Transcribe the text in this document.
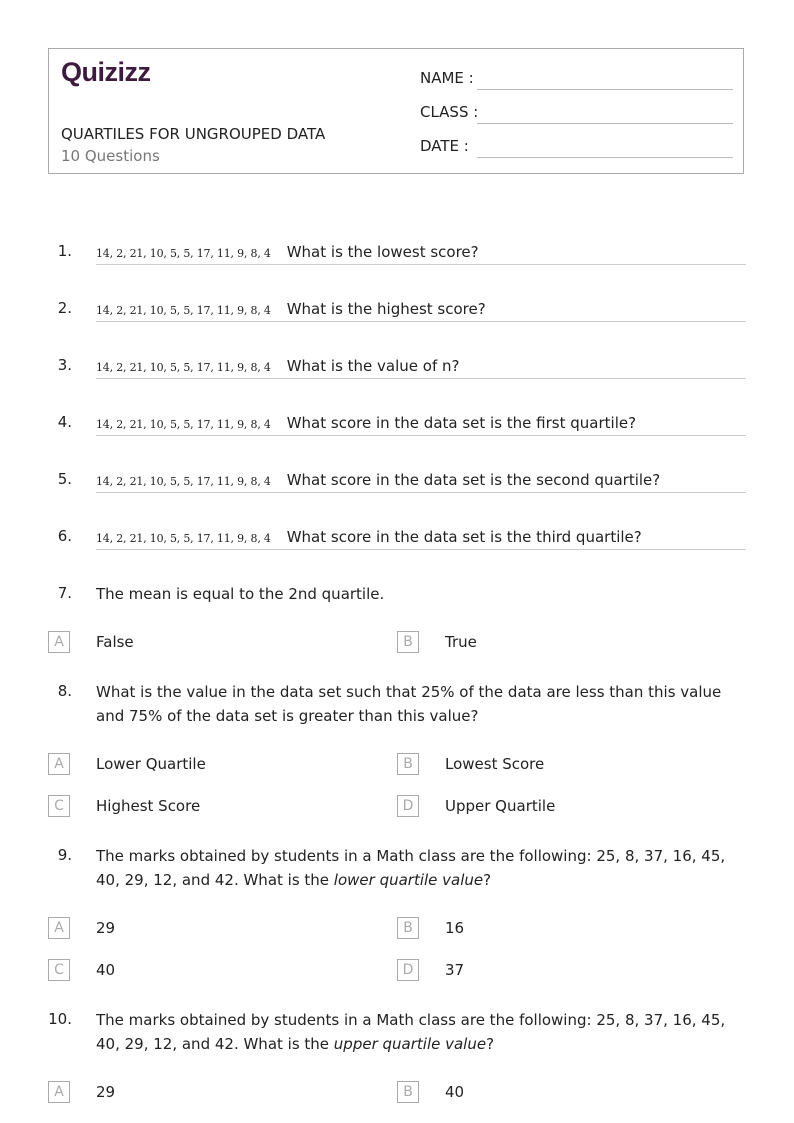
Quizizz
QUARTILES FOR UNGROUPED DATA
10 Questions
NAME :
CLASS :
DATE :
1. 14, 2, 21, 10, 5, 5, 17, 11, 9, 8, 4 What is the lowest score?
2. 14, 2, 21, 10, 5, 5, 17, 11, 9, 8, 4 What is the highest score?
3. 14, 2, 21, 10, 5, 5, 17, 11, 9, 8, 4 What is the value of n?
4. 14, 2, 21, 10, 5, 5, 17, 11, 9, 8, 4 What score in the data set is the first quartile?
5. 14, 2, 21, 10, 5, 5, 17, 11, 9, 8, 4 What score in the data set is the second quartile?
6. 14, 2, 21, 10, 5, 5, 17, 11, 9, 8, 4 What score in the data set is the third quartile?
7. The mean is equal to the 2nd quartile.
A	False	B	True
8. What is the value in the data set such that 25% of the data are less than this value and 75% of the data set is greater than this value?
A	Lower Quartile	B	Lowest Score
C	Highest Score	D	Upper Quartile
9. The marks obtained by students in a Math class are the following: 25, 8, 37, 16, 45, 40, 29, 12, and 42. What is the lower quartile value?
A	29	B	16
C	40	D	37
10. The marks obtained by students in a Math class are the following: 25, 8, 37, 16, 45, 40, 29, 12, and 42. What is the upper quartile value?
A	29	B	40
